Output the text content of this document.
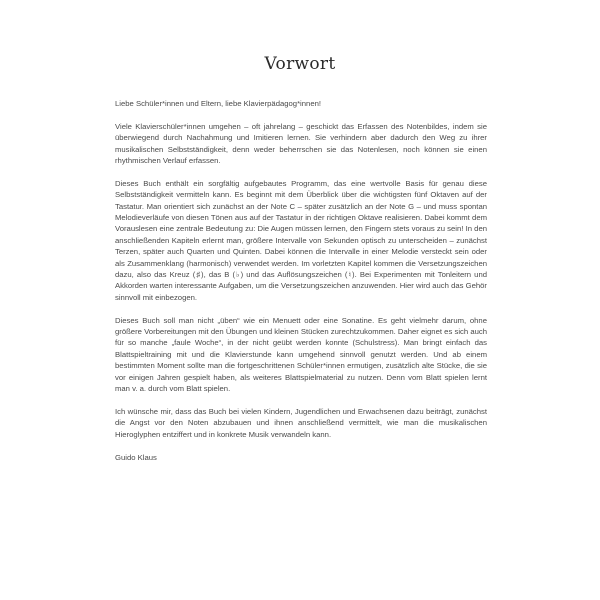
Vorwort

Liebe Schüler*innen und Eltern, liebe Klavierpädagog*innen!

Viele Klavierschüler*innen umgehen – oft jahrelang – geschickt das Erfassen des Notenbildes, indem sie überwiegend durch Nachahmung und Imitieren lernen. Sie verhindern aber dadurch den Weg zu ihrer musikalischen Selbstständigkeit, denn weder beherrschen sie das Notenlesen, noch können sie einen rhythmischen Verlauf erfassen.

Dieses Buch enthält ein sorgfältig aufgebautes Programm, das eine wertvolle Basis für genau diese Selbstständigkeit vermitteln kann. Es beginnt mit dem Überblick über die wichtigsten fünf Oktaven auf der Tastatur. Man orientiert sich zunächst an der Note C – später zusätzlich an der Note G – und muss spontan Melodieverläufe von diesen Tönen aus auf der Tastatur in der richtigen Oktave realisieren. Dabei kommt dem Vorauslesen eine zentrale Bedeutung zu: Die Augen müssen lernen, den Fingern stets voraus zu sein! In den anschließenden Kapiteln erlernt man, größere Intervalle von Sekunden optisch zu unterscheiden – zunächst Terzen, später auch Quarten und Quinten. Dabei können die Intervalle in einer Melodie versteckt sein oder als Zusammenklang (harmonisch) verwendet werden. Im vorletzten Kapitel kommen die Versetzungszeichen dazu, also das Kreuz (♯), das B (♭) und das Auflösungszeichen (♮). Bei Experimenten mit Tonleitern und Akkorden warten interessante Aufgaben, um die Versetzungszeichen anzuwenden. Hier wird auch das Gehör sinnvoll mit einbezogen.

Dieses Buch soll man nicht „üben“ wie ein Menuett oder eine Sonatine. Es geht vielmehr darum, ohne größere Vorbereitungen mit den Übungen und kleinen Stücken zurechtzukommen. Daher eignet es sich auch für so manche „faule Woche“, in der nicht geübt werden konnte (Schulstress). Man bringt einfach das Blattspieltraining mit und die Klavierstunde kann umgehend sinnvoll genutzt werden. Und ab einem bestimmten Moment sollte man die fortgeschrittenen Schüler*innen ermutigen, zusätzlich alte Stücke, die sie vor einigen Jahren gespielt haben, als weiteres Blattspielmaterial zu nutzen. Denn vom Blatt spielen lernt man v. a. durch vom Blatt spielen.

Ich wünsche mir, dass das Buch bei vielen Kindern, Jugendlichen und Erwachsenen dazu beiträgt, zunächst die Angst vor den Noten abzubauen und ihnen anschließend vermittelt, wie man die musikalischen Hieroglyphen entziffert und in konkrete Musik verwandeln kann.

Guido Klaus
